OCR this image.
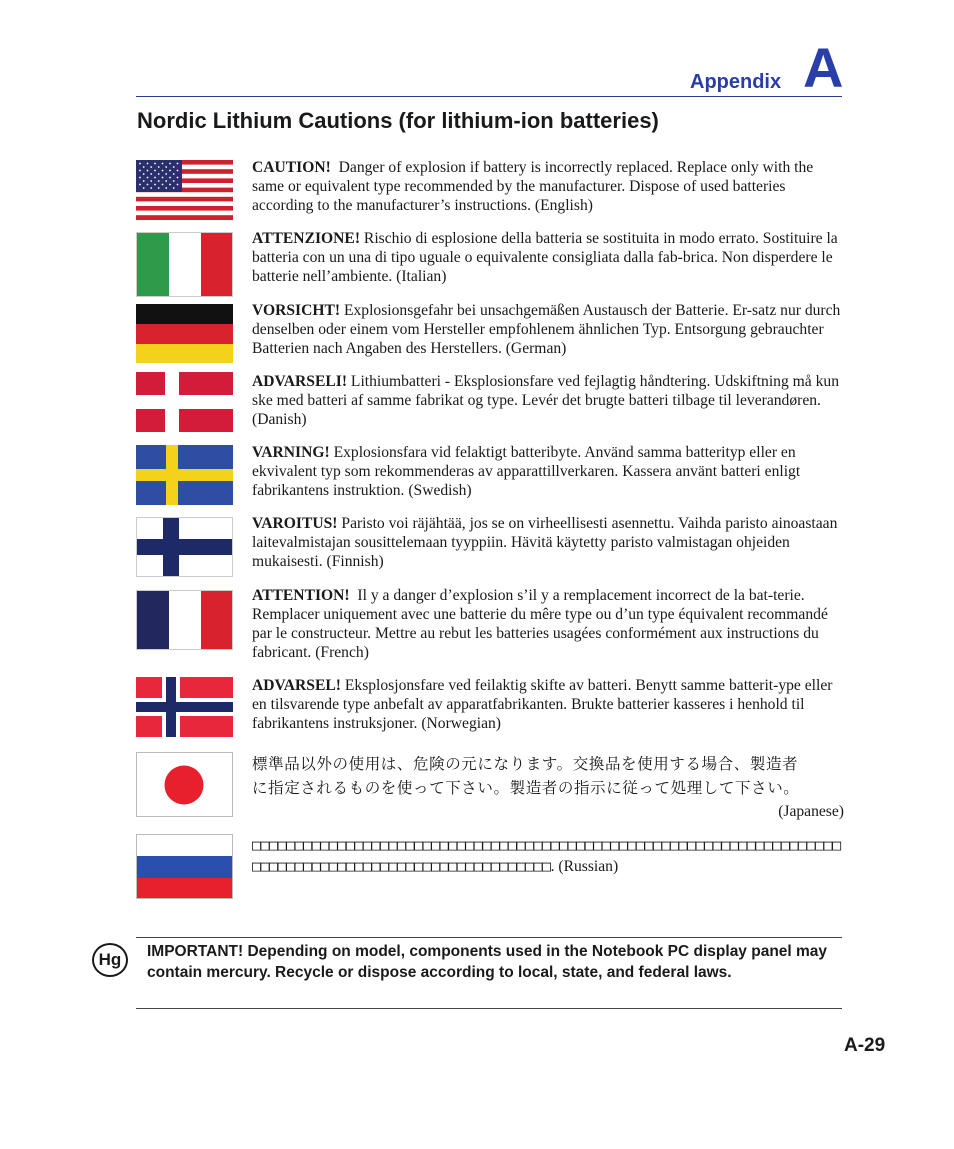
Appendix A
Nordic Lithium Cautions (for lithium-ion batteries)
CAUTION!  Danger of explosion if battery is incorrectly replaced. Replace only with the same or equivalent type recommended by the manufacturer. Dispose of used batteries according to the manufacturer’s instructions. (English)
ATTENZIONE! Rischio di esplosione della batteria se sostituita in modo errato. Sostituire la batteria con un una di tipo uguale o equivalente consigliata dalla fab-brica. Non disperdere le batterie nell’ambiente. (Italian)
VORSICHT! Explosionsgefahr bei unsachgemäßen Austausch der Batterie. Er-satz nur durch denselben oder einem vom Hersteller empfohlenem ähnlichen Typ. Entsorgung gebrauchter Batterien nach Angaben des Herstellers. (German)
ADVARSELI! Lithiumbatteri - Eksplosionsfare ved fejlagtig håndtering. Udskiftning må kun ske med batteri af samme fabrikat og type. Levér det brugte batteri tilbage til leverandøren. (Danish)
VARNING! Explosionsfara vid felaktigt batteribyte. Använd samma batterityp eller en ekvivalent typ som rekommenderas av apparattillverkaren. Kassera använt batteri enligt fabrikantens instruktion. (Swedish)
VAROITUS! Paristo voi räjähtää, jos se on virheellisesti asennettu. Vaihda paristo ainoastaan laitevalmistajan sousittelemaan tyyppiin. Hävitä käytetty paristo valmistagan ohjeiden mukaisesti. (Finnish)
ATTENTION!  Il y a danger d’explosion s’il y a remplacement incorrect de la bat-terie. Remplacer uniquement avec une batterie du mêre type ou d’un type équivalent recommandé par le constructeur. Mettre au rebut les batteries usagées conformément aux instructions du fabricant. (French)
ADVARSEL! Eksplosjonsfare ved feilaktig skifte av batteri. Benytt samme batterit-ype eller en tilsvarende type anbefalt av apparatfabrikanten. Brukte batterier kasseres i henhold til fabrikantens instruksjoner. (Norwegian)
標準品以外の使用は、危険の元になります。交換品を使用する場合、製造者
に指定されるものを使って下さい。製造者の指示に従って処理して下さい。
(Japanese)
□□□□□□□□□□□□□□□□□□□□□□□□□□□□□□□□□□□□□□□□□□□□□□□□□□□□□□□□□□□□□□□□□□□□□□□□□□□□□□□□□□□□□□□□□□□□□□□□□□□□□□□□. (Russian)
Hg	IMPORTANT! Depending on model, components used in the Notebook PC display panel may contain mercury. Recycle or dispose according to local, state, and federal laws.
A-29
